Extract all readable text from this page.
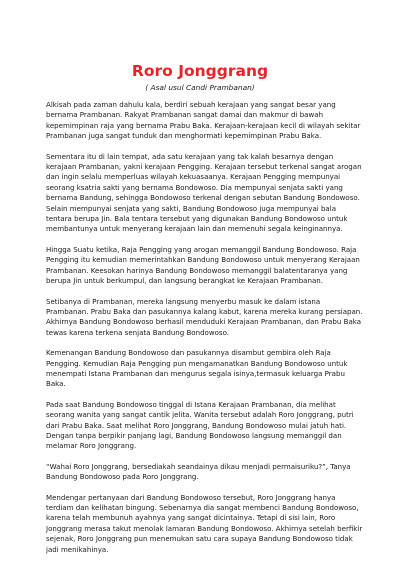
Roro Jonggrang

( Asal usul Candi Prambanan)

Alkisah pada zaman dahulu kala, berdiri sebuah kerajaan yang sangat besar yang bernama Prambanan. Rakyat Prambanan sangat damai dan makmur di bawah kepemimpinan raja yang bernama Prabu Baka. Kerajaan-kerajaan kecil di wilayah sekitar Prambanan juga sangat tunduk dan menghormati kepemimpinan Prabu Baka.

Sementara itu di lain tempat, ada satu kerajaan yang tak kalah besarnya dengan kerajaan Prambanan, yakni kerajaan Pengging. Kerajaan tersebut terkenal sangat arogan dan ingin selalu memperluas wilayah kekuasaanya. Kerajaan Pengging mempunyai seorang ksatria sakti yang bernama Bondowoso. Dia mempunyai senjata sakti yang bernama Bandung, sehingga Bondowoso terkenal dengan sebutan Bandung Bondowoso. Selain mempunyai senjata yang sakti, Bandung Bondowoso juga mempunyai bala tentara berupa Jin. Bala tentara tersebut yang digunakan Bandung Bondowoso untuk membantunya untuk menyerang kerajaan lain dan memenuhi segala keinginannya.

Hingga Suatu ketika, Raja Pengging yang arogan memanggil Bandung Bondowoso. Raja Pengging itu kemudian memerintahkan Bandung Bondowoso untuk menyerang Kerajaan Prambanan. Keesokan harinya Bandung Bondowoso memanggil balatentaranya yang berupa Jin untuk berkumpul, dan langsung berangkat ke Kerajaan Prambanan.

Setibanya di Prambanan, mereka langsung menyerbu masuk ke dalam istana Prambanan. Prabu Baka dan pasukannya kalang kabut, karena mereka kurang persiapan. Akhirnya Bandung Bondowoso berhasil menduduki Kerajaan Prambanan, dan Prabu Baka tewas karena terkena senjata Bandung Bondowoso.

Kemenangan Bandung Bondowoso dan pasukannya disambut gembira oleh Raja Pengging. Kemudian Raja Pengging pun mengamanatkan Bandung Bondowoso untuk menempati Istana Prambanan dan mengurus segala isinya,termasuk keluarga Prabu Baka.

Pada saat Bandung Bondowoso tinggal di Istana Kerajaan Prambanan, dia melihat seorang wanita yang sangat cantik jelita. Wanita tersebut adalah Roro Jonggrang, putri dari Prabu Baka. Saat melihat Roro Jonggrang, Bandung Bondowoso mulai jatuh hati. Dengan tanpa berpikir panjang lagi, Bandung Bondowoso langsung memanggil dan melamar Roro Jonggrang.

“Wahai Roro Jonggrang, bersediakah seandainya dikau menjadi permaisuriku?”, Tanya Bandung Bondowoso pada Roro Jonggrang.

Mendengar pertanyaan dari Bandung Bondowoso tersebut, Roro Jonggrang hanya terdiam dan kelihatan bingung. Sebenarnya dia sangat membenci Bandung Bondowoso, karena telah membunuh ayahnya yang sangat dicintainya. Tetapi di sisi lain, Roro Jonggrang merasa takut menolak lamaran Bandung Bondowoso. Akhirnya setelah berfikir sejenak, Roro Jonggrang pun menemukan satu cara supaya Bandung Bondowoso tidak jadi menikahinya.
